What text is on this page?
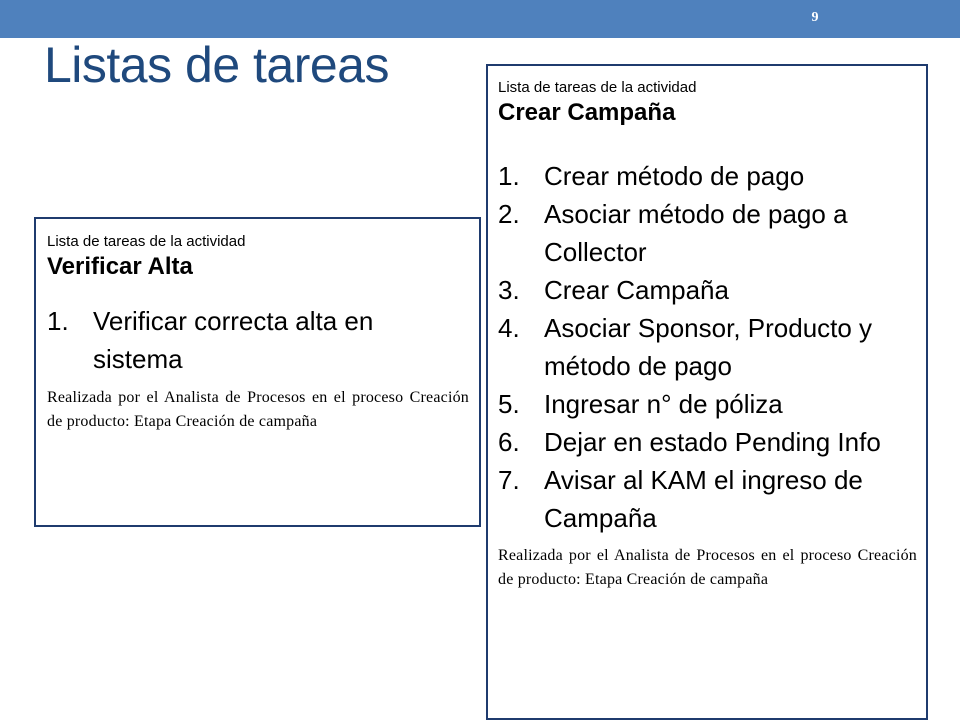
9
Listas de tareas

Lista de tareas de la actividad

Verificar Alta

1. Verificar correcta alta en sistema

Realizada por el Analista de Procesos en el proceso Creación de producto: Etapa Creación de campaña

Lista de tareas de la actividad

Crear Campaña

1. Crear método de pago
2. Asociar método de pago a Collector
3. Crear Campaña
4. Asociar Sponsor, Producto y método de pago
5. Ingresar n° de póliza
6. Dejar en estado Pending Info
7. Avisar al KAM el ingreso de Campaña

Realizada por el Analista de Procesos en el proceso Creación de producto: Etapa Creación de campaña
